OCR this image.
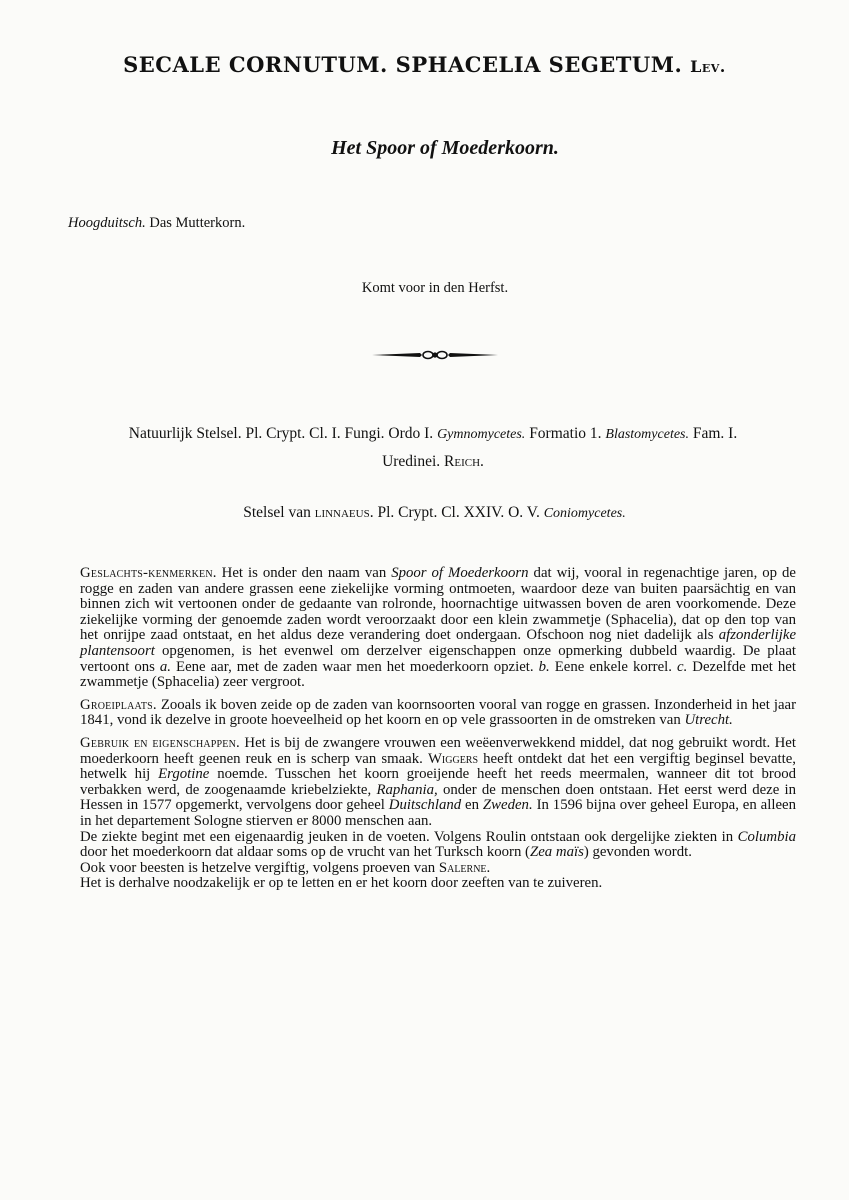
SECALE CORNUTUM. SPHACELIA SEGETUM. Lev.
Het Spoor of Moederkoorn.
Hoogduitsch. Das Mutterkorn.
Komt voor in den Herfst.
Natuurlijk Stelsel. Pl. Crypt. Cl. I. Fungi. Ordo I. Gymnomycetes. Formatio 1. Blastomycetes. Fam. I.
Uredinei. Reich.
Stelsel van linnaeus. Pl. Crypt. Cl. XXIV. O. V. Coniomycetes.

Geslachts-kenmerken. Het is onder den naam van Spoor of Moederkoorn dat wij, vooral in regenachtige jaren, op de rogge en zaden van andere grassen eene ziekelijke vorming ontmoeten, waardoor deze van buiten paarsächtig en van binnen zich wit vertoonen onder de gedaante van rolronde, hoornachtige uitwassen boven de aren voorkomende. Deze ziekelijke vorming der genoemde zaden wordt veroorzaakt door een klein zwammetje (Sphacelia), dat op den top van het onrijpe zaad ontstaat, en het aldus deze verandering doet ondergaan. Ofschoon nog niet dadelijk als afzonderlijke plantensoort opgenomen, is het evenwel om derzelver eigenschappen onze opmerking dubbeld waardig. De plaat vertoont ons a. Eene aar, met de zaden waar men het moederkoorn opziet. b. Eene enkele korrel. c. Dezelfde met het zwammetje (Sphacelia) zeer vergroot.

Groeiplaats. Zooals ik boven zeide op de zaden van koornsoorten vooral van rogge en grassen. Inzonderheid in het jaar 1841, vond ik dezelve in groote hoeveelheid op het koorn en op vele grassoorten in de omstreken van Utrecht.

Gebruik en eigenschappen. Het is bij de zwangere vrouwen een weëenverwekkend middel, dat nog gebruikt wordt. Het moederkoorn heeft geenen reuk en is scherp van smaak. Wiggers heeft ontdekt dat het een vergiftig beginsel bevatte, hetwelk hij Ergotine noemde. Tusschen het koorn groeijende heeft het reeds meermalen, wanneer dit tot brood verbakken werd, de zoogenaamde kriebelziekte, Raphania, onder de menschen doen ontstaan. Het eerst werd deze in Hessen in 1577 opgemerkt, vervolgens door geheel Duitschland en Zweden. In 1596 bijna over geheel Europa, en alleen in het departement Sologne stierven er 8000 menschen aan.

De ziekte begint met een eigenaardig jeuken in de voeten. Volgens Roulin ontstaan ook dergelijke ziekten in Columbia door het moederkoorn dat aldaar soms op de vrucht van het Turksch koorn (Zea maïs) gevonden wordt.

Ook voor beesten is hetzelve vergiftig, volgens proeven van Salerne.

Het is derhalve noodzakelijk er op te letten en er het koorn door zeeften van te zuiveren.
